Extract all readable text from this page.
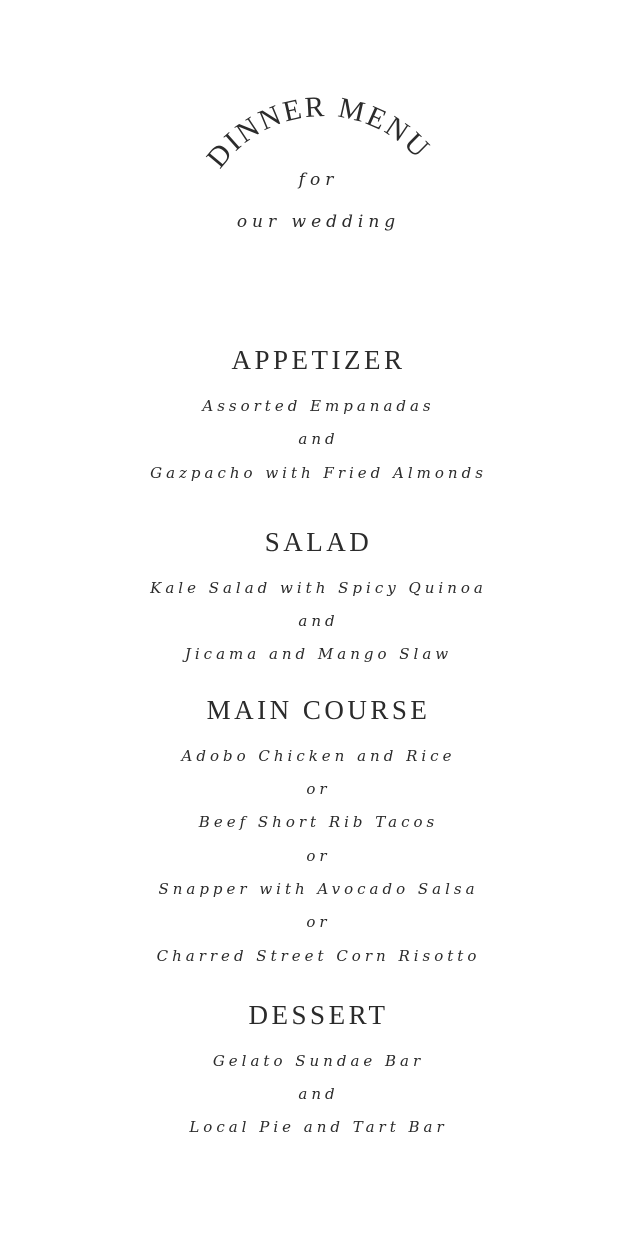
DINNER MENU
for
our wedding
APPETIZER
Assorted Empanadas
and
Gazpacho with Fried Almonds
SALAD
Kale Salad with Spicy Quinoa
and
Jicama and Mango Slaw
MAIN COURSE
Adobo Chicken and Rice
or
Beef Short Rib Tacos
or
Snapper with Avocado Salsa
or
Charred Street Corn Risotto
DESSERT
Gelato Sundae Bar
and
Local Pie and Tart Bar
